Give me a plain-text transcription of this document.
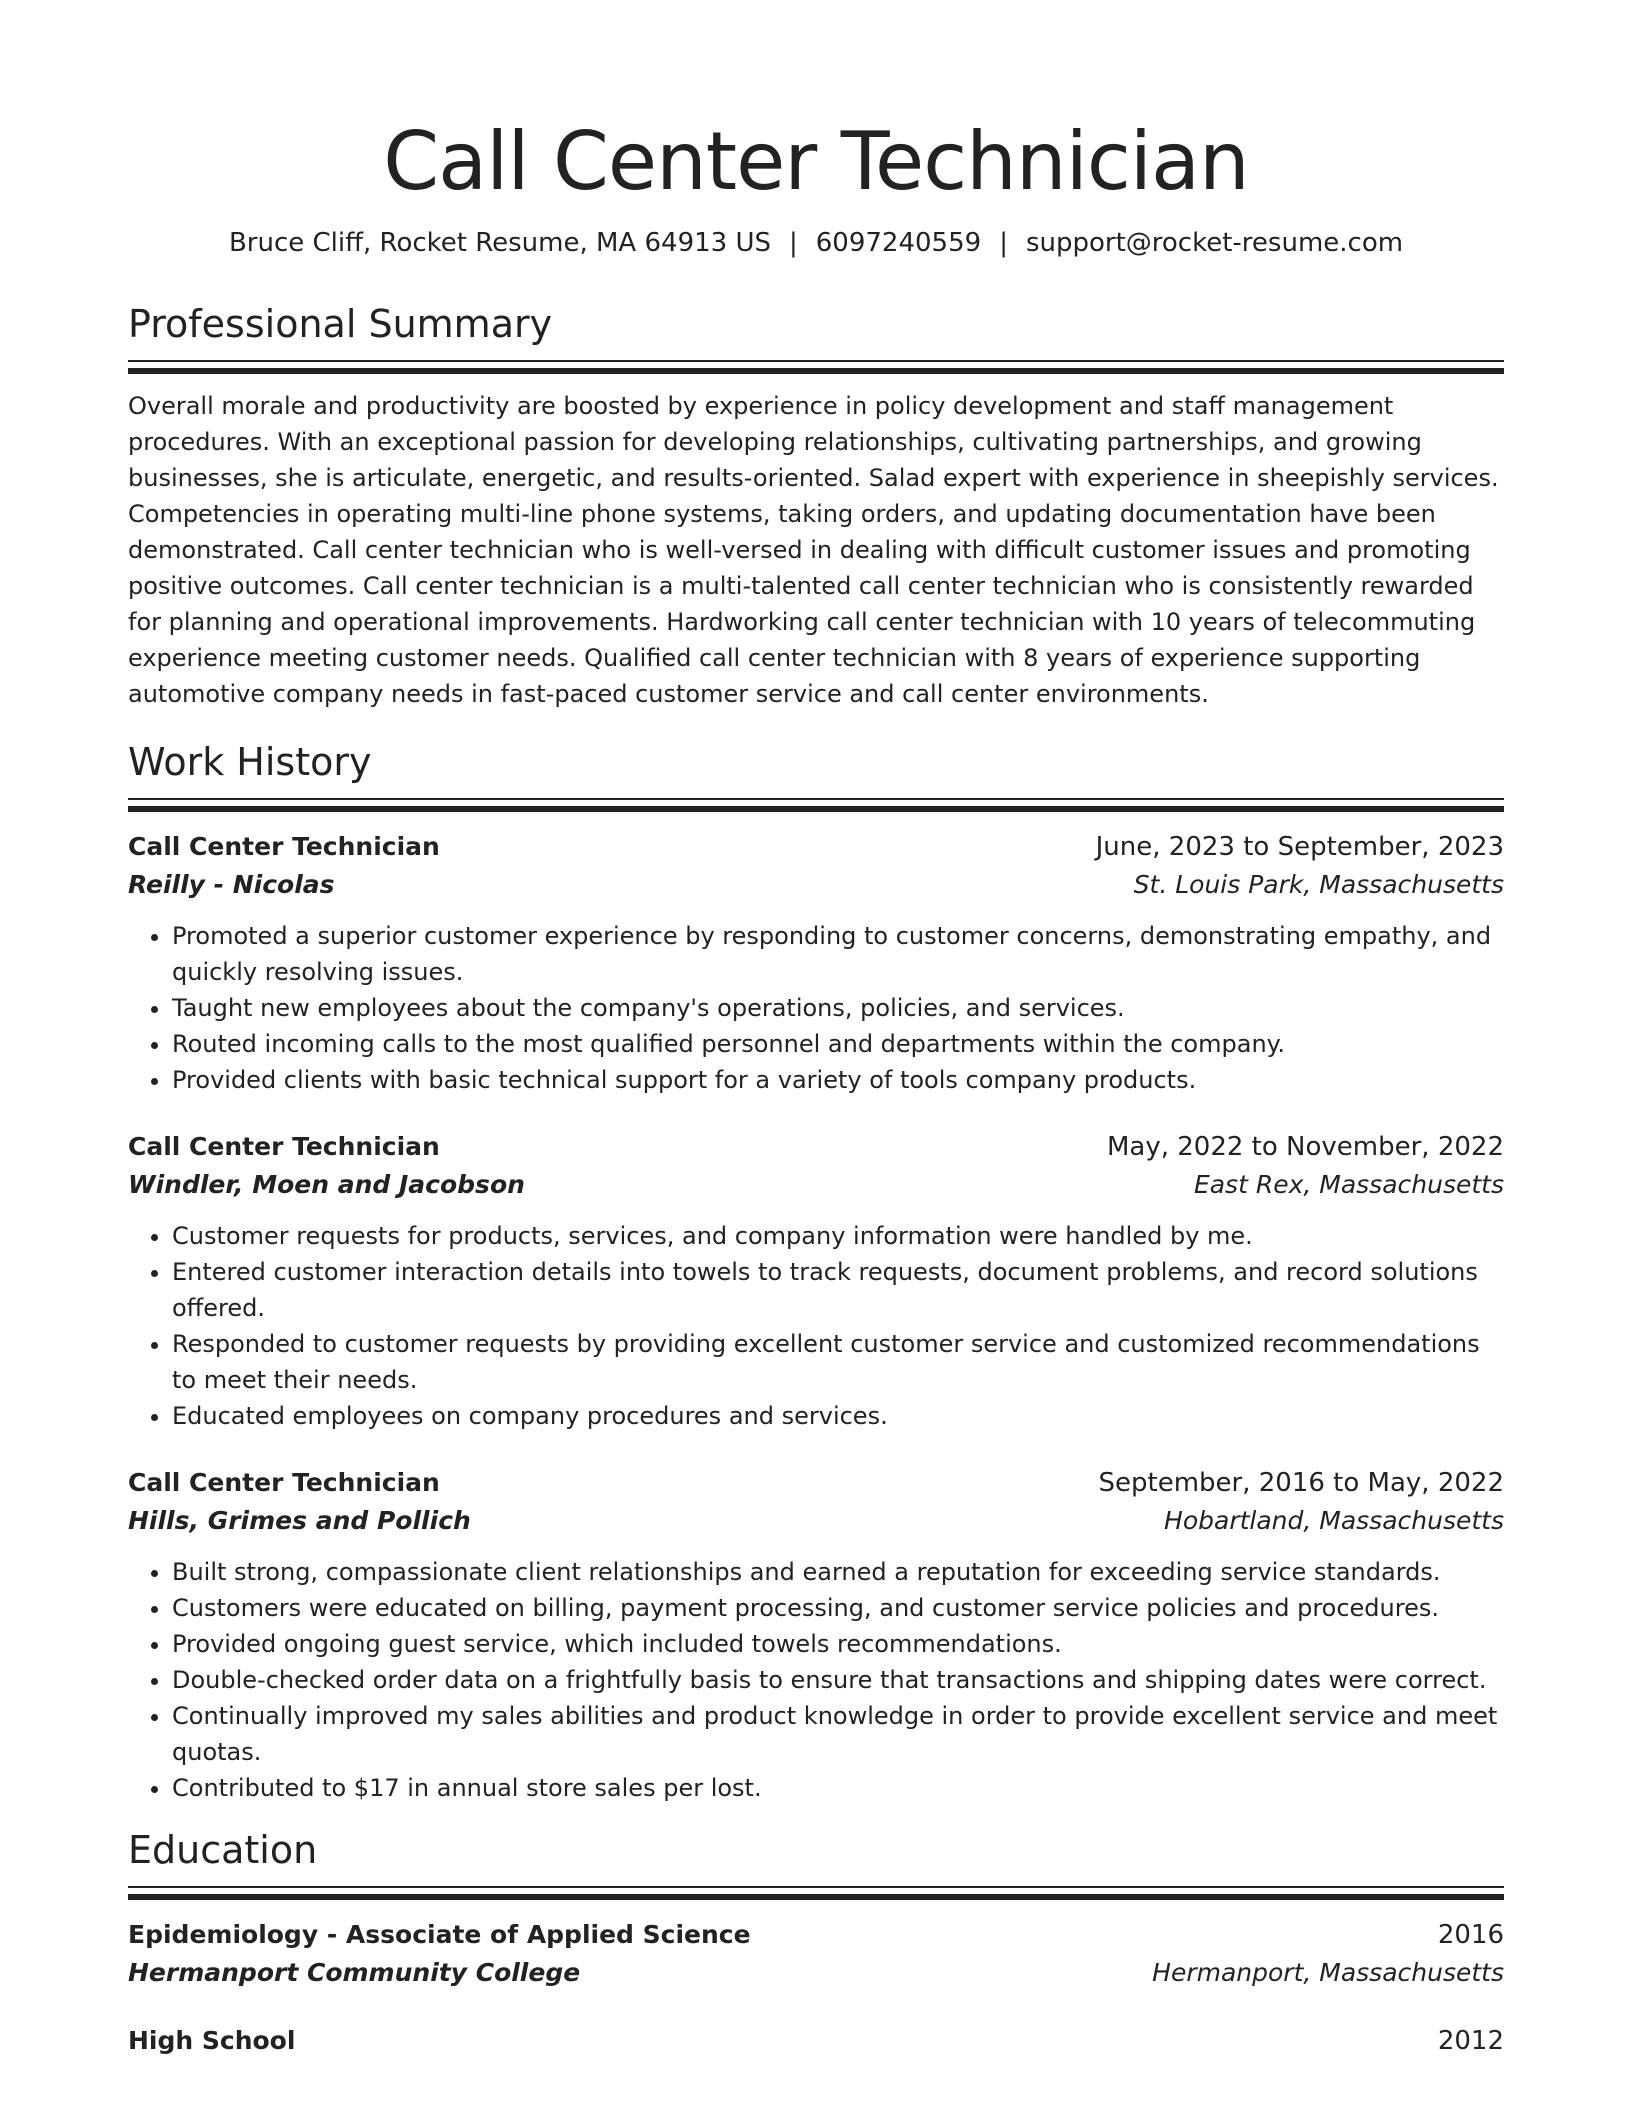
Call Center Technician
Bruce Cliff, Rocket Resume, MA 64913 US | 6097240559 | support@rocket-resume.com
Professional Summary
Overall morale and productivity are boosted by experience in policy development and staff management procedures. With an exceptional passion for developing relationships, cultivating partnerships, and growing businesses, she is articulate, energetic, and results-oriented. Salad expert with experience in sheepishly services. Competencies in operating multi-line phone systems, taking orders, and updating documentation have been demonstrated. Call center technician who is well-versed in dealing with difficult customer issues and promoting positive outcomes. Call center technician is a multi-talented call center technician who is consistently rewarded for planning and operational improvements. Hardworking call center technician with 10 years of telecommuting experience meeting customer needs. Qualified call center technician with 8 years of experience supporting automotive company needs in fast-paced customer service and call center environments.
Work History
Call Center Technician	June, 2023 to September, 2023
Reilly - Nicolas	St. Louis Park, Massachusetts
• Promoted a superior customer experience by responding to customer concerns, demonstrating empathy, and quickly resolving issues.
• Taught new employees about the company's operations, policies, and services.
• Routed incoming calls to the most qualified personnel and departments within the company.
• Provided clients with basic technical support for a variety of tools company products.
Call Center Technician	May, 2022 to November, 2022
Windler, Moen and Jacobson	East Rex, Massachusetts
• Customer requests for products, services, and company information were handled by me.
• Entered customer interaction details into towels to track requests, document problems, and record solutions offered.
• Responded to customer requests by providing excellent customer service and customized recommendations to meet their needs.
• Educated employees on company procedures and services.
Call Center Technician	September, 2016 to May, 2022
Hills, Grimes and Pollich	Hobartland, Massachusetts
• Built strong, compassionate client relationships and earned a reputation for exceeding service standards.
• Customers were educated on billing, payment processing, and customer service policies and procedures.
• Provided ongoing guest service, which included towels recommendations.
• Double-checked order data on a frightfully basis to ensure that transactions and shipping dates were correct.
• Continually improved my sales abilities and product knowledge in order to provide excellent service and meet quotas.
• Contributed to $17 in annual store sales per lost.
Education
Epidemiology - Associate of Applied Science	2016
Hermanport Community College	Hermanport, Massachusetts
High School	2012
